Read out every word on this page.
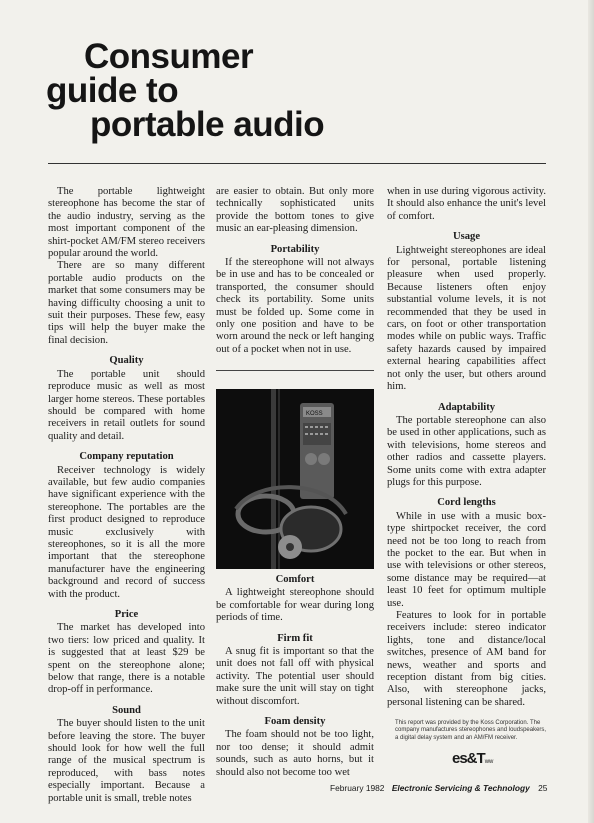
Consumer
guide to
portable audio

The portable lightweight stereophone has become the star of the audio industry, serving as the most important component of the shirt-pocket AM/FM stereo receivers popular around the world.

There are so many different portable audio products on the market that some consumers may be having difficulty choosing a unit to suit their purposes. These few, easy tips will help the buyer make the final decision.

Quality

The portable unit should reproduce music as well as most larger home stereos. These portables should be compared with home receivers in retail outlets for sound quality and detail.

Company reputation

Receiver technology is widely available, but few audio companies have significant experience with the stereophone. The portables are the first product designed to reproduce music exclusively with stereophones, so it is all the more important that the stereophone manufacturer have the engineering background and record of success with the product.

Price

The market has developed into two tiers: low priced and quality. It is suggested that at least $29 be spent on the stereophone alone; below that range, there is a notable drop-off in performance.

Sound

The buyer should listen to the unit before leaving the store. The buyer should look for how well the full range of the musical spectrum is reproduced, with bass notes especially important. Because a portable unit is small, treble notes

are easier to obtain. But only more technically sophisticated units provide the bottom tones to give music an ear-pleasing dimension.

Portability

If the stereophone will not always be in use and has to be concealed or transported, the consumer should check its portability. Some units must be folded up. Some come in only one position and have to be worn around the neck or left hanging out of a pocket when not in use.

KOSS
Comfort

A lightweight stereophone should be comfortable for wear during long periods of time.

Firm fit

A snug fit is important so that the unit does not fall off with physical activity. The potential user should make sure the unit will stay on tight without discomfort.

Foam density

The foam should not be too light, nor too dense; it should admit sounds, such as auto horns, but it should also not become too wet

when in use during vigorous activity. It should also enhance the unit's level of comfort.

Usage

Lightweight stereophones are ideal for personal, portable listening pleasure when used properly. Because listeners often enjoy substantial volume levels, it is not recommended that they be used in cars, on foot or other transportation modes while on public ways. Traffic safety hazards caused by impaired external hearing capabilities affect not only the user, but others around him.

Adaptability

The portable stereophone can also be used in other applications, such as with televisions, home stereos and other radios and cassette players. Some units come with extra adapter plugs for this purpose.

Cord lengths

While in use with a music box-type shirtpocket receiver, the cord need not be too long to reach from the pocket to the ear. But when in use with televisions or other stereos, some distance may be required—at least 10 feet for optimum multiple use.

Features to look for in portable receivers include: stereo indicator lights, tone and distance/local switches, presence of AM band for news, weather and sports and reception distant from big cities. Also, with stereophone jacks, personal listening can be shared.

This report was provided by the Koss Corporation. The company manufactures stereophones and loudspeakers, a digital delay system and an AM/FM receiver.
es&Tww
February 1982 Electronic Servicing & Technology 25
